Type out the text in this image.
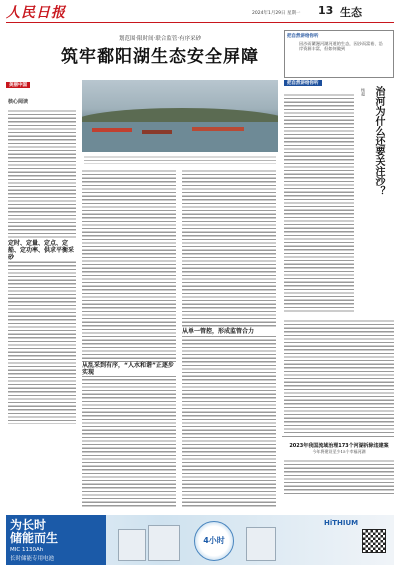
人民日报	2024年1月29日 星期一 13 生态
划范围·限时间·联合监管·有序采砂
筑牢鄱阳湖生态安全屏障
把自然讲给你听
因沙而繁漫河湖河道的生态，因沙而富裕、沿岸资源丰富，但如何做到
美丽中国
核心阅读
定时、定量、定点、定船、定功率、供求平衡采砂
从乱采到有序，“人水和谐”正逐步实现
从单一管控，形成监管合力
把自然讲给你听
治河为什么还要关注沙？
杨超
2023年我国流域治理173个河湖拆除违建案
今年将建设至少15个幸福河湖
为长时
储能而生
MIC 1130Ah
长时储能专用电池
4小时
HiTHIUM
